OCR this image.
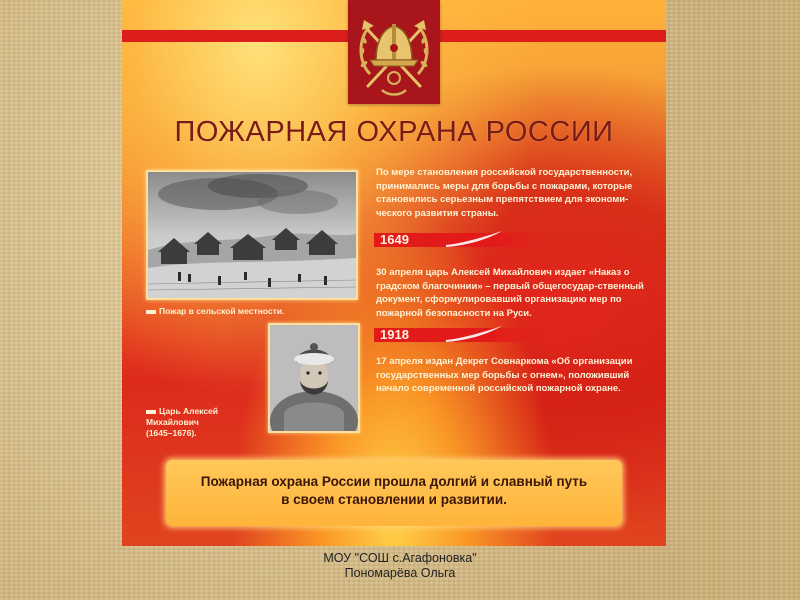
ПОЖАРНАЯ ОХРАНА РОССИИ
Пожар в сельской местности.
Царь Алексей Михайлович
(1645–1676).
По мере становления российской государственности, принимались меры для борьбы с пожарами, которые становились серьезным препятствием для экономи-ческого развития страны.
1649
30 апреля царь Алексей Михайлович издает «Наказ о градском благочинии» – первый общегосудар-ственный документ, сформулировавший организацию мер по пожарной безопасности на Руси.
1918
17 апреля издан Декрет Совнаркома «Об организации государственных мер борьбы с огнем», положивший начало современной российской пожарной охране.
Пожарная охрана России прошла долгий и славный путь
в своем становлении и развитии.
МОУ "СОШ с.Агафоновка"
Пономарёва Ольга
